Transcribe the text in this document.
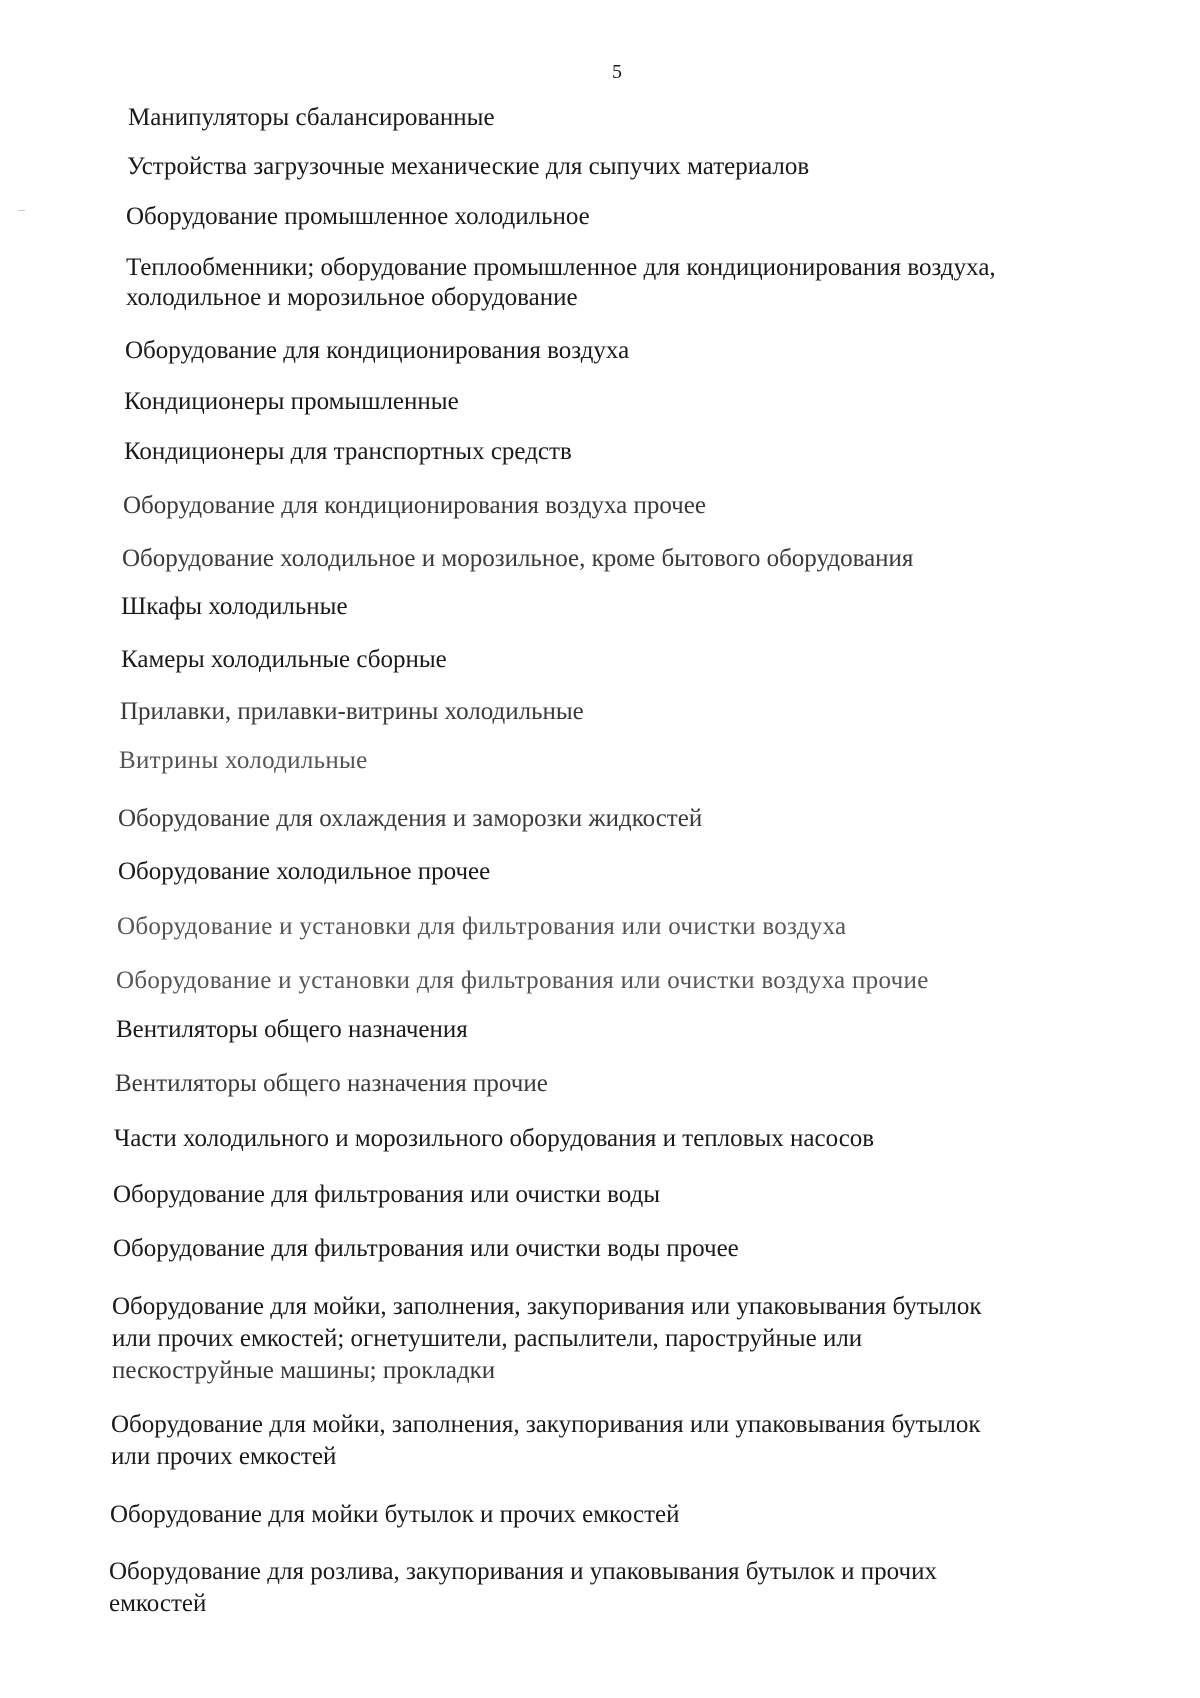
5
Манипуляторы сбалансированные
Устройства загрузочные механические для сыпучих материалов
Оборудование промышленное холодильное
Теплообменники; оборудование промышленное для кондиционирования воздуха,
холодильное и морозильное оборудование
Оборудование для кондиционирования воздуха
Кондиционеры промышленные
Кондиционеры для транспортных средств
Оборудование для кондиционирования воздуха прочее
Оборудование холодильное и морозильное, кроме бытового оборудования
Шкафы холодильные
Камеры холодильные сборные
Прилавки, прилавки-витрины холодильные
Витрины холодильные
Оборудование для охлаждения и заморозки жидкостей
Оборудование холодильное прочее
Оборудование и установки для фильтрования или очистки воздуха
Оборудование и установки для фильтрования или очистки воздуха прочие
Вентиляторы общего назначения
Вентиляторы общего назначения прочие
Части холодильного и морозильного оборудования и тепловых насосов
Оборудование для фильтрования или очистки воды
Оборудование для фильтрования или очистки воды прочее
Оборудование для мойки, заполнения, закупоривания или упаковывания бутылок
или прочих емкостей; огнетушители, распылители, пароструйные или
пескоструйные машины; прокладки
Оборудование для мойки, заполнения, закупоривания или упаковывания бутылок
или прочих емкостей
Оборудование для мойки бутылок и прочих емкостей
Оборудование для розлива, закупоривания и упаковывания бутылок и прочих
емкостей
